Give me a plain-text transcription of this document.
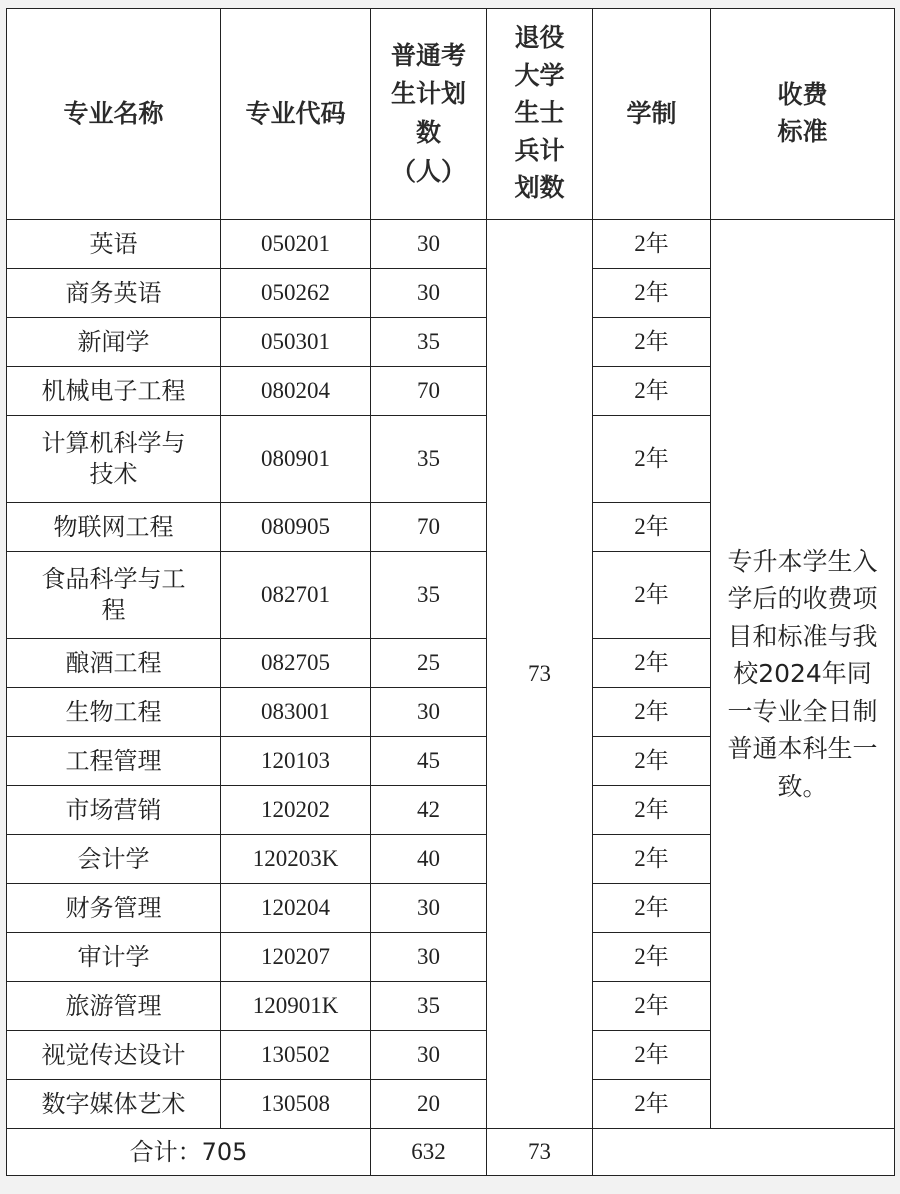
专业名称	专业代码	普通考生计划数（人）	退役大学生士兵计划数	学制	收费标准
英语	050201	30	73	2年	专升本学生入学后的收费项目和标准与我校2024年同一专业全日制普通本科生一致。
商务英语	050262	30		2年	
新闻学	050301	35		2年	
机械电子工程	080204	70		2年	
计算机科学与技术	080901	35		2年	
物联网工程	080905	70		2年	
食品科学与工程	082701	35		2年	
酿酒工程	082705	25		2年	
生物工程	083001	30		2年	
工程管理	120103	45		2年	
市场营销	120202	42		2年	
会计学	120203K	40		2年	
财务管理	120204	30		2年	
审计学	120207	30		2年	
旅游管理	120901K	35		2年	
视觉传达设计	130502	30		2年	
数字媒体艺术	130508	20		2年	
合计：705		632	73		
